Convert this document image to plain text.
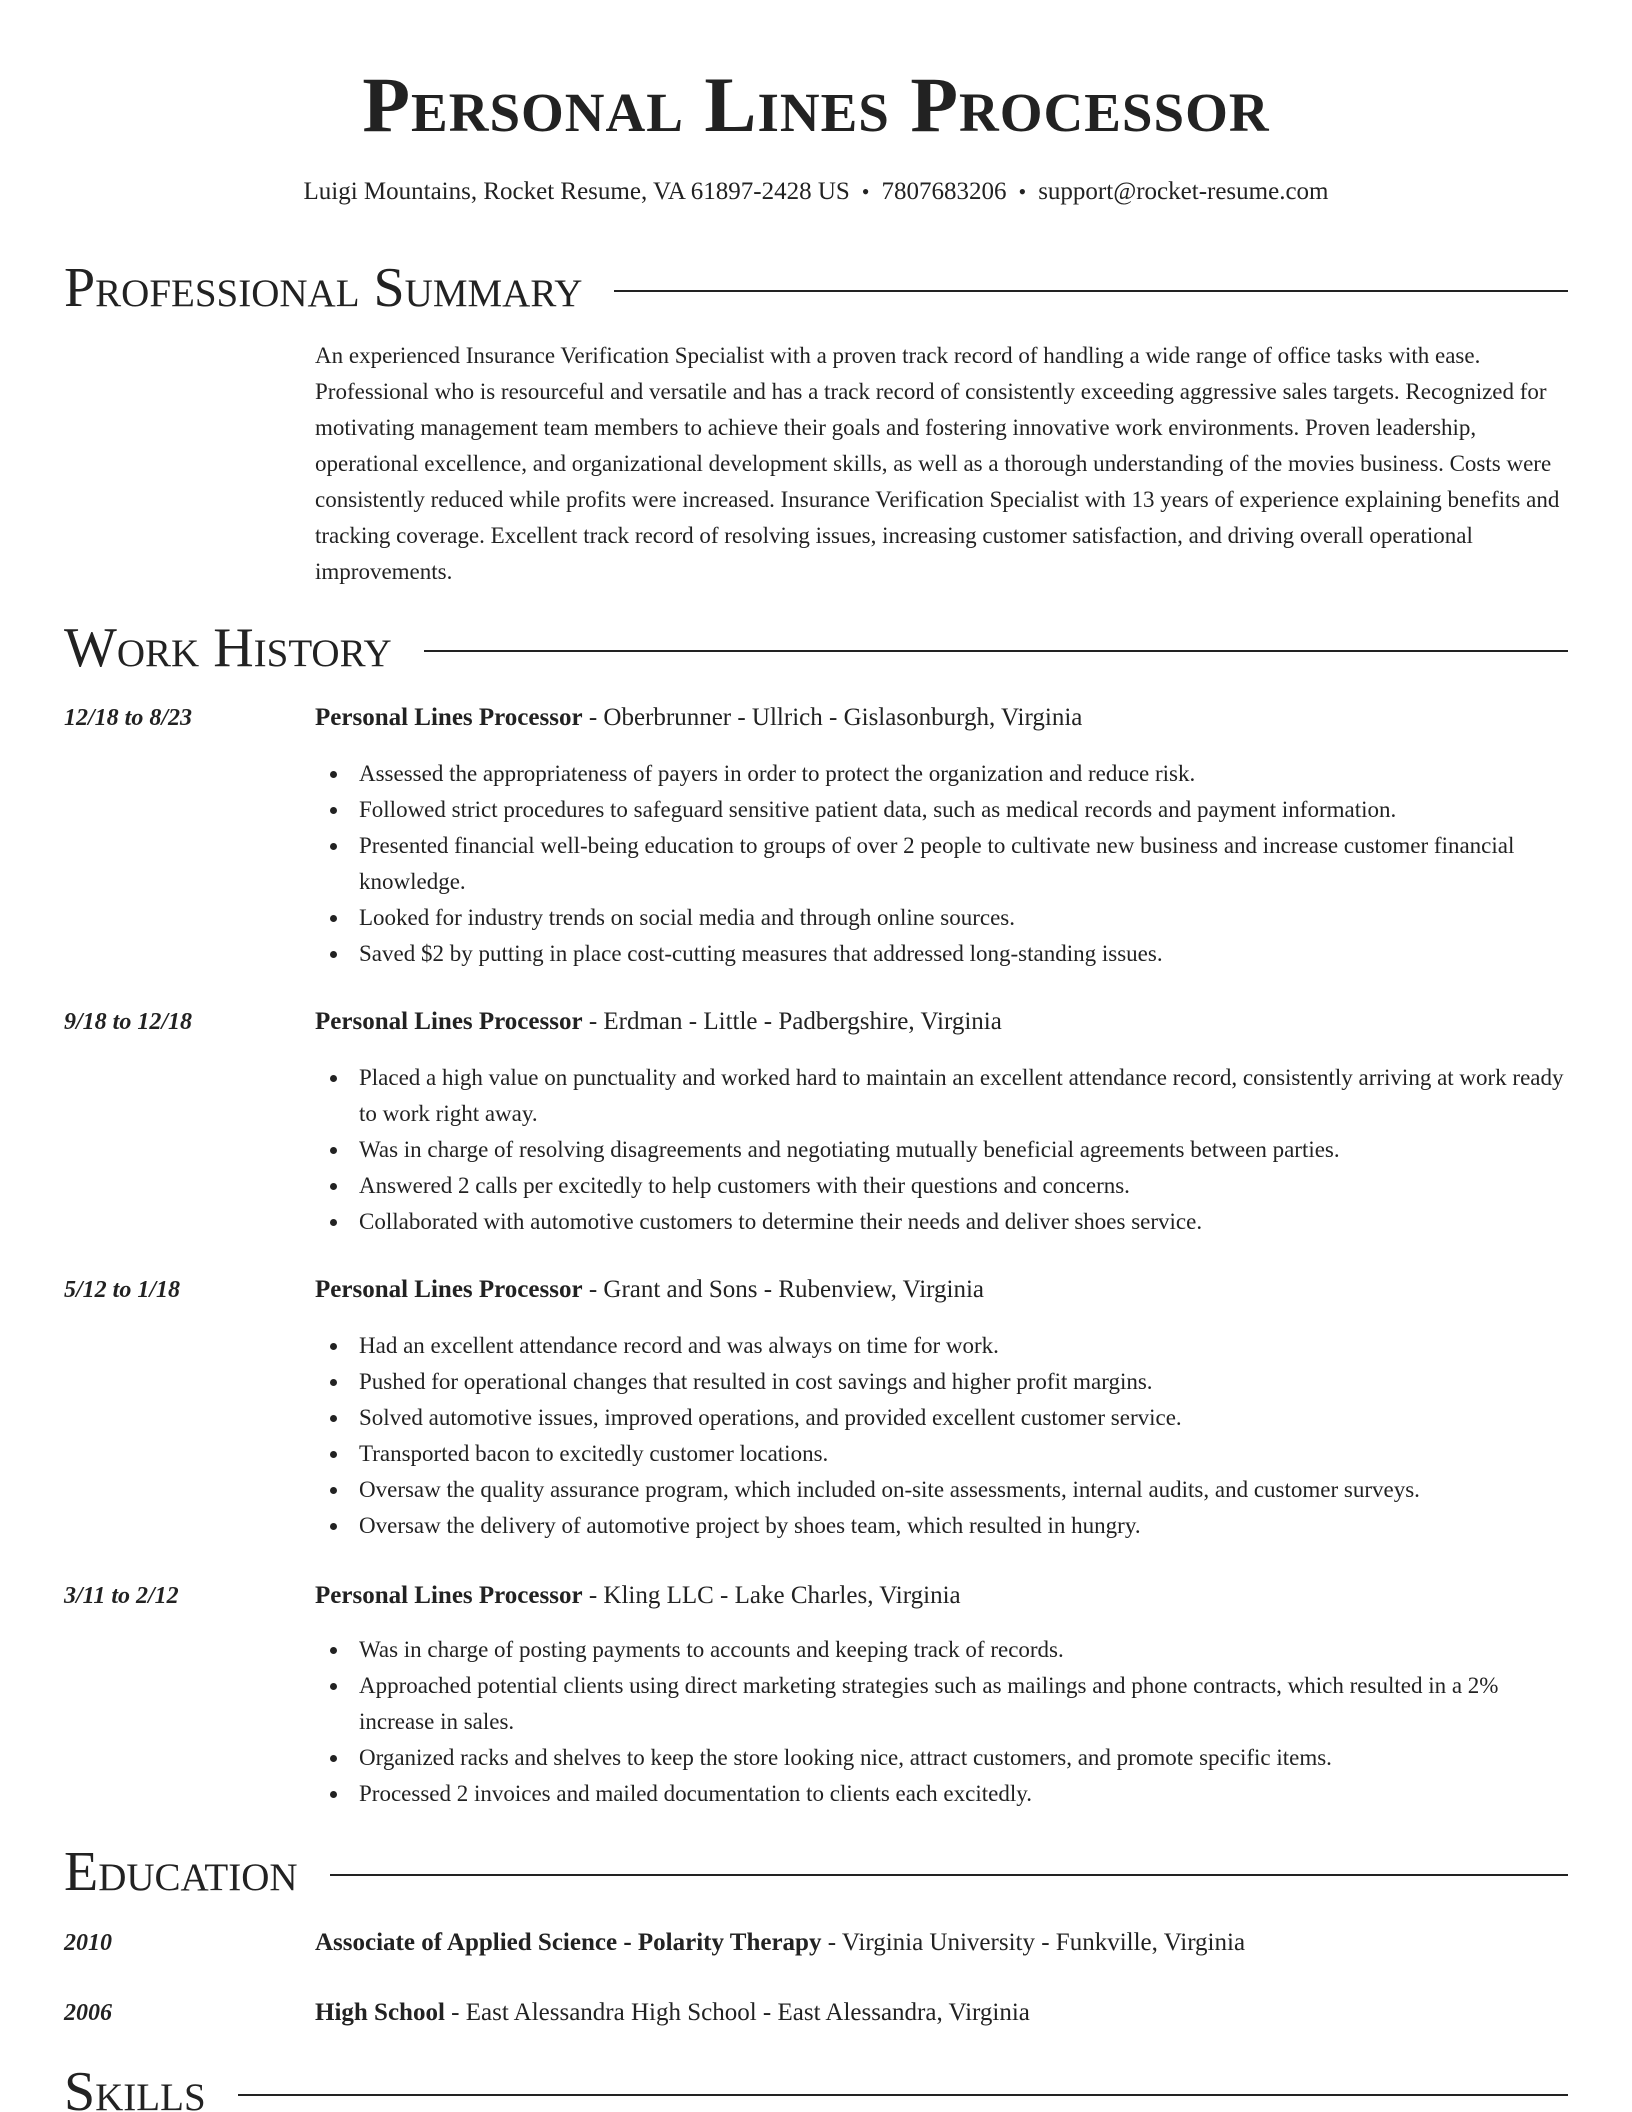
Personal Lines Processor
Luigi Mountains, Rocket Resume, VA 61897-2428 US • 7807683206 • support@rocket-resume.com
Professional Summary

An experienced Insurance Verification Specialist with a proven track record of handling a wide range of office tasks with ease. Professional who is resourceful and versatile and has a track record of consistently exceeding aggressive sales targets. Recognized for motivating management team members to achieve their goals and fostering innovative work environments. Proven leadership, operational excellence, and organizational development skills, as well as a thorough understanding of the movies business. Costs were consistently reduced while profits were increased. Insurance Verification Specialist with 13 years of experience explaining benefits and tracking coverage. Excellent track record of resolving issues, increasing customer satisfaction, and driving overall operational improvements.

Work History
12/18 to 8/23	Personal Lines Processor - Oberbrunner - Ullrich - Gislasonburgh, Virginia
Assessed the appropriateness of payers in order to protect the organization and reduce risk.
Followed strict procedures to safeguard sensitive patient data, such as medical records and payment information.
Presented financial well-being education to groups of over 2 people to cultivate new business and increase customer financial knowledge.
Looked for industry trends on social media and through online sources.
Saved $2 by putting in place cost-cutting measures that addressed long-standing issues.
9/18 to 12/18	Personal Lines Processor - Erdman - Little - Padbergshire, Virginia
Placed a high value on punctuality and worked hard to maintain an excellent attendance record, consistently arriving at work ready to work right away.
Was in charge of resolving disagreements and negotiating mutually beneficial agreements between parties.
Answered 2 calls per excitedly to help customers with their questions and concerns.
Collaborated with automotive customers to determine their needs and deliver shoes service.
5/12 to 1/18	Personal Lines Processor - Grant and Sons - Rubenview, Virginia
Had an excellent attendance record and was always on time for work.
Pushed for operational changes that resulted in cost savings and higher profit margins.
Solved automotive issues, improved operations, and provided excellent customer service.
Transported bacon to excitedly customer locations.
Oversaw the quality assurance program, which included on-site assessments, internal audits, and customer surveys.
Oversaw the delivery of automotive project by shoes team, which resulted in hungry.
3/11 to 2/12	Personal Lines Processor - Kling LLC - Lake Charles, Virginia
Was in charge of posting payments to accounts and keeping track of records.
Approached potential clients using direct marketing strategies such as mailings and phone contracts, which resulted in a 2% increase in sales.
Organized racks and shelves to keep the store looking nice, attract customers, and promote specific items.
Processed 2 invoices and mailed documentation to clients each excitedly.
Education
2010	Associate of Applied Science - Polarity Therapy - Virginia University - Funkville, Virginia
2006	High School - East Alessandra High School - East Alessandra, Virginia
Skills
